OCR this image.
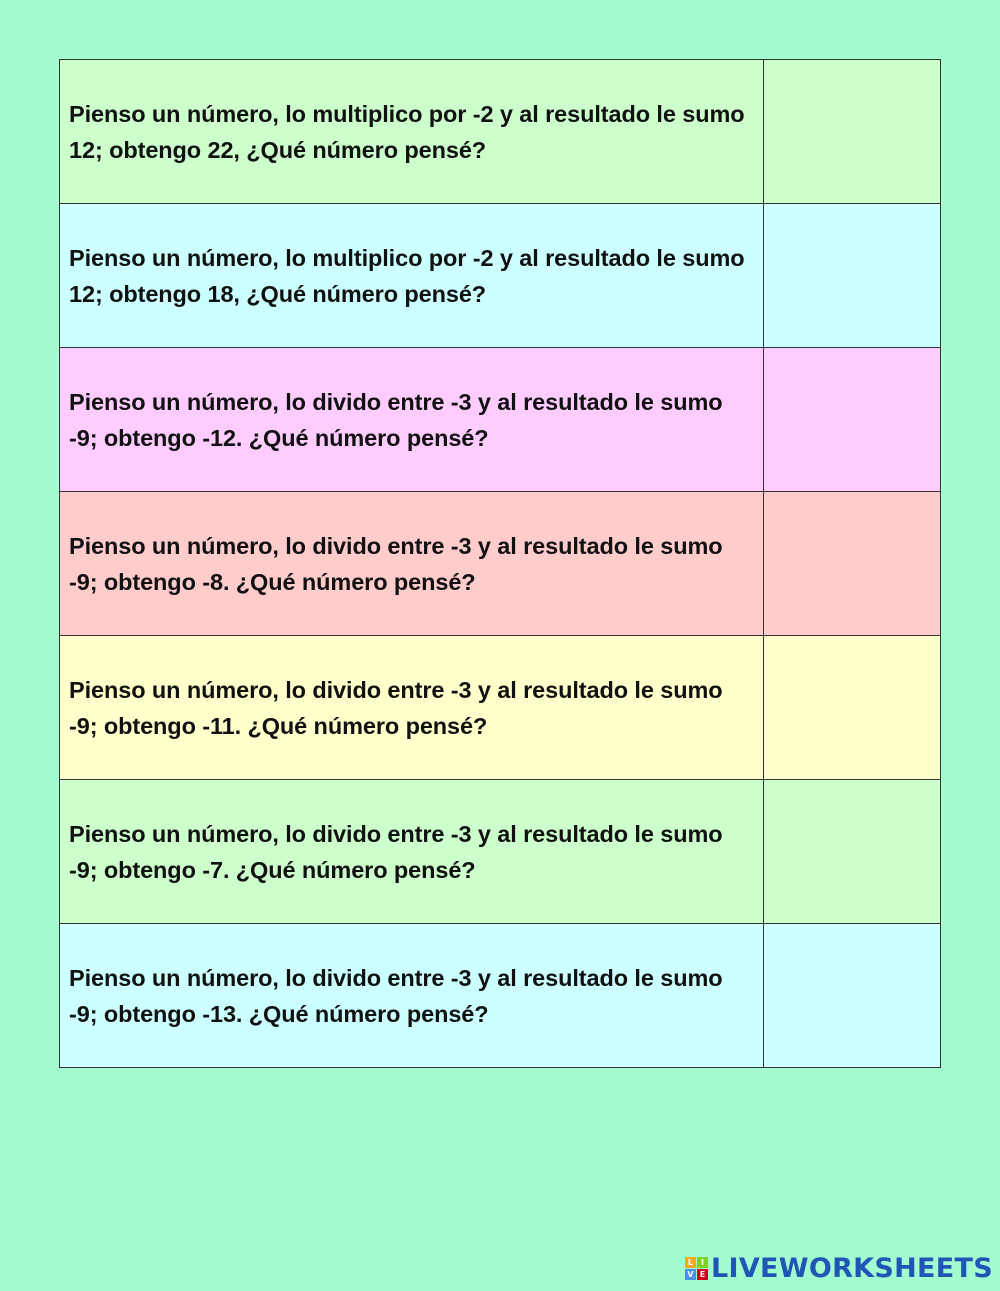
Pienso un número, lo multiplico por -2 y al resultado le sumo 12; obtengo 22, ¿Qué número pensé?

Pienso un número, lo multiplico por -2 y al resultado le sumo 12; obtengo 18, ¿Qué número pensé?

Pienso un número, lo divido entre -3 y al resultado le sumo -9; obtengo -12. ¿Qué número pensé?

Pienso un número, lo divido entre -3 y al resultado le sumo -9; obtengo -8. ¿Qué número pensé?

Pienso un número, lo divido entre -3 y al resultado le sumo -9; obtengo -11. ¿Qué número pensé?

Pienso un número, lo divido entre -3 y al resultado le sumo -9; obtengo -7. ¿Qué número pensé?

Pienso un número, lo divido entre -3 y al resultado le sumo -9; obtengo -13. ¿Qué número pensé?

L I
V E LIVEWORKSHEETS
